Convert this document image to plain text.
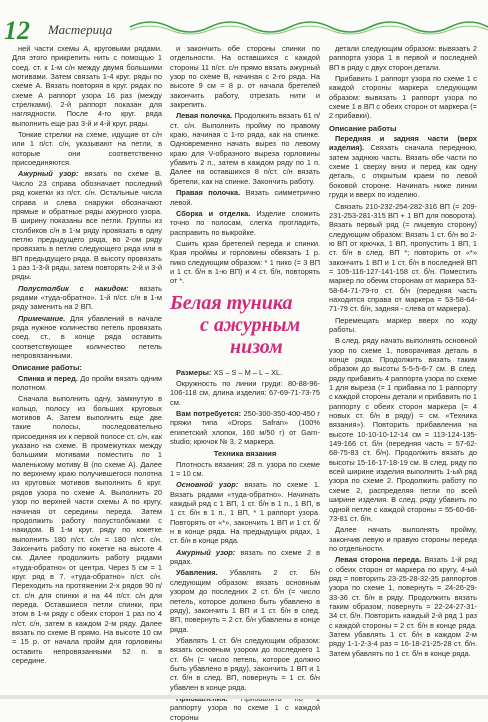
12 Мастерица

ней части схемы А, круговыми рядами. Для этого прикрепить нить с помощью 1 соед. ст. к 1-м с/н между двумя большими мотивами. Затем связать 1-4 круг. ряды по схеме А. Вязать повторяя в круг. рядах по схеме А раппорт узора 16 раз (между стрелками). 2-й раппорт показан для наглядности. После 4-го круг. ряда выполнить еще раз 3-й и 4-й круг. ряды.

Тонкие стрелки на схеме, идущие от с/н или 1 п/ст. с/н, указывают на петли, в которые они соответственно присоединяются.

Ажурный узор: вязать по схеме В. Число 23 справа обозначает последний ряд кокетки из п/ст. с/н. Остальные числа справа и слева снаружи обозначают прямые и обратные ряды ажурного узора. В ширину показаны все петли. Группы из столбиков с/н в 1-м ряду провязать в одну петлю предыдущего ряда, во 2-ом ряду провязать в петлю следующего ряда или в ВП предыдущего ряда. В высоту провязать 1 раз 1-3-й ряды, затем повторять 2-й и 3-й ряды.

Полустолбик с накидом: вязать рядами «туда-обратно». 1-й п/ст. с/н в 1-м ряду заменить на 2 ВП.

Примечание. Для убавлений в начале ряда нужное количество петель провязать соед. ст., в конце ряда оставить соответствующее количество петель непровязанными.

Описание работы:

Спинка и перед. До пройм вязать одним полотном.

Сначала выполнить одну, замкнутую в кольцо, полосу из больших круговых мотивов А. Затем выполнить еще две такие полосы, последовательно присоединяя их к первой полосе ст. с/н, как указано на схеме. В промежутках между большими мотивами поместить по 1 маленькому мотиву В (по схеме А). Далее по верхнему краю получившегося полотна из круговых мотивов выполнить 6 круг. рядов узора по схеме А. Выполнить 20 узор по верхней части схемы А по кругу, начиная от середины переда. Затем продолжить работу полустолбиками с накидом. В 1-м круг. ряду по кокетке выполнить 180 п/ст. с/н = 180 п/ст. с/н. Закончить работу по кокетке на высоте 4 см. Далее продолжить работу рядами «туда-обратно» от центра. Через 5 см = 1 круг. ряд в 7. «туда-обратно» п/ст. с/н. Переходить на протяжении 2-х рядов 90 п/ст. с/н для спинки и на 44 п/ст. с/н для переда. Оставшиеся петли спинки, при этом в 1-м ряду с обеих сторон 1 раз по 4 п/ст. с/н, затем в каждом 2-м ряду. Далее вязать по схеме В прямо. На высоте 10 см = 15 р. от начала пройм для горловины оставить непровязанными 52 п. в середине.

и закончить обе стороны спинки по отдельности. На оставшихся с каждой стороны 11 п/ст. с/н прямо вязать ажурный узор по схеме В, начиная с 2-го ряда. На высоте 9 см = 8 р. от начала бретелей закончить работу, отрезать нити и закрепить.

Левая полочка. Продолжить вязать 61 п/ст. с/н. Выполнить пройму по правому краю, начиная с 1-го ряда, как на спинке. Одновременно начать вырез по левому краю для V-образного выреза горловины убавить 2 п., затем в каждом ряду по 1 п. Далее на оставшихся 8 п/ст. с/н вязать бретели, как на спинке. Закончить работу.

Правая полочка. Вязать симметрично левой.

Сборка и отделка. Изделие сложить точно по полосам, слегка прогладить, расправить по выкройке.

Сшить края бретелей переда и спинки. Края проймы и горловины обвязать 1 р. пико следующим образом: * 1 пико (= 3 ВП и 1 ст. б/н в 1-ю ВП) и 4 ст. б/н, повторять от *.

Белая туника
с ажурным
низом

Размеры: XS – S – M – L – XL.

Окружность по линии груди: 80-88-96-106-118 см, длина изделия: 67-69-71-73-75 см.

Вам потребуется: 250-300-350-400-450 г пряжи типа «Drops Safran» (100% египетский хлопок, 160 м/50 г) от Garn-studio; крючок № 3, 2 маркера.

Техника вязания

Плотность вязания: 28 п. узора по схеме 1 = 10 см.

Основной узор: вязать по схеме 1. Вязать рядами «туда-обратно». Начинать каждый ряд с 1 ВП, 1 ст. б/н в 1 п., 1 ВП, в 1 ст. б/н в 1 п., 1 ВП, * 1 раппорт узора. Повторять от «*», закончить 1 ВП и 1 ст. б/н в конце ряда. На предыдущих рядах, 1 ст. б/н в конце ряда.

Ажурный узор: вязать по схеме 2 в рядах.

Убавления. Убавлять 2 ст. б/н следующим образом: вязать основным узором до последних 2 ст. б/н (= число петель, которое должно быть убавлено в ряду), закончить 1 ВП и 1 ст. б/н в след. ВП, повернуть = 2 ст. б/н убавлены в конце ряда.

Убавлять 1 ст. б/н следующим образом: вязать основным узором до последнего 1 ст. б/н (= число петель, которое должно быть убавлено в ряду), закончить 1 ВП и 1 ст. б/н в след. ВП, повернуть = 1 ст. б/н убавлен в конце ряда.

раппорту узора по схеме 1 с каждой стороны

детали следующим образом: вывязать 2 раппорта узора 1 в первой и последней ВП в ряду с двух сторон детали.

Прибавить 1 раппорт узора по схеме 1 с каждой стороны маркера следующим образом: вывязать 1 раппорт узора по схеме 1 в ВП с обеих сторон от маркера (= 2 прибавки).

Описание работы

Передняя и задняя части (верх изделия). Связать сначала переднюю, затем заднюю часть. Вязать обе части по схеме 1 сверху вниз и перед как одну деталь, с открытым краем по левой боковой стороне. Начинать ниже линии груди и вверх по изделию.

Связать 210-232-254-282-316 ВП (= 209-231-253-281-315 ВП + 1 ВП для поворота). Вязать первый ряд (= лицевую сторону) следующим образом: Вязать 1 ст. б/н во 2-ю ВП от крючка, 1 ВП, пропустить 1 ВП, 1 ст. б/н в след. ВП *; повторить от «*» закончить 1 ВП и 1 ст. б/н в последней ВП = 105-116-127-141-158 ст. б/н. Поместить маркер по обеим сторонам от маркера 53-58-64-71-79-го ст. б/н (передняя часть находится справа от маркера = 53-58-64-71-79 ст. б/н, задняя - слева от маркера).

Перемещать маркер вверх по ходу работы.

В след. ряду начать выполнять основной узор по схеме 1, поворачивая деталь в конце ряда. Продолжить вязать таким образом до высоты 5-5-5-6-7 см. В след. ряду прибавить 4 раппорта узора по схеме 1 для выреза (= 1 прибавка по 1 раппорту с каждой стороны детали и прибавить по 1 раппорту с обеих сторон маркера (= 4 новых ст. б/н в ряду) = см. «Техника вязания»). Повторить прибавления на высоте 10-10-10-12-14 см = 113-124-135-149-166 ст. б/н (передняя часть = 57-62-68-75-83 ст. б/н). Продолжить вязать до высоты 15-16-17-18-19 см. В след. ряду по всей ширине изделия выполнить 1-ый ряд узора по схеме 2. Продолжить работу по схеме 2, распределяя петли по всей ширине изделия. В след. ряду убавить по одной петле с каждой стороны = 55-60-66-73-81 ст. б/н.

Далее начать выполнять пройму, закончив левую и правую стороны переда по отдельности.

Левая сторона переда. Вязать 1-й ряд с обеих сторон от маркера по кругу, 4-ый ряд = повторить 23-25-28-32-35 раппортов узора по схеме 1, повернуть = 24-26-29-33-36 ст. б/н в ряду. Продолжить вязать таким образом, повернуть = 22-24-27-31-34 ст. б/н. Повторить каждый 2-й ряд 1 раз с каждой стороны = 2 ст. б/н в конце ряда. Затем убавлять 1 ст. б/н в каждом 2-м ряду 1-1-2-3-4 раз = 16-18-21-25-28 ст. б/н. Затем убавлять по 1 ст. б/н в конце ряда.
